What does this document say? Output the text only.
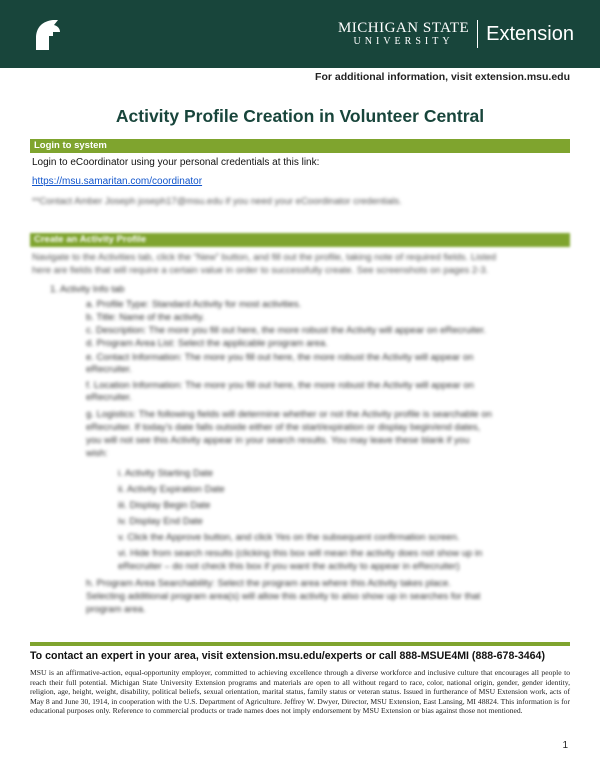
MICHIGAN STATE
UNIVERSITY	Extension
For additional information, visit extension.msu.edu
Activity Profile Creation in Volunteer Central
Login to system
Login to eCoordinator using your personal credentials at this link:
https://msu.samaritan.com/coordinator
**Contact Amber Joseph joseph17@msu.edu if you need your eCoordinator credentials.
Create an Activity Profile
Navigate to the Activities tab, click the “New” button, and fill out the profile, taking note of required fields. Listed
here are fields that will require a certain value in order to successfully create. See screenshots on pages 2-3.
1. Activity Info tab
a. Profile Type: Standard Activity for most activities.
b. Title: Name of the activity.
c. Description: The more you fill out here, the more robust the Activity will appear on eRecruiter.
d. Program Area List: Select the applicable program area.
e. Contact Information: The more you fill out here, the more robust the Activity will appear on
eRecruiter.
f. Location Information: The more you fill out here, the more robust the Activity will appear on
eRecruiter.
g. Logistics: The following fields will determine whether or not the Activity profile is searchable on
eRecruiter. If today’s date falls outside either of the start/expiration or display begin/end dates,
you will not see this Activity appear in your search results. You may leave these blank if you
wish:
i. Activity Starting Date
ii. Activity Expiration Date
iii. Display Begin Date
iv. Display End Date
v. Click the Approve button, and click Yes on the subsequent confirmation screen.
vi. Hide from search results (clicking this box will mean the activity does not show up in
eRecruiter – do not check this box if you want the activity to appear in eRecruiter)
h. Program Area Searchability: Select the program area where this Activity takes place.
Selecting additional program area(s) will allow this activity to also show up in searches for that
program area.
To contact an expert in your area, visit extension.msu.edu/experts or call 888-MSUE4MI (888-678-3464)
MSU is an affirmative-action, equal-opportunity employer, committed to achieving excellence through a diverse workforce and inclusive culture that encourages all people to reach their full potential. Michigan State University Extension programs and materials are open to all without regard to race, color, national origin, gender, gender identity, religion, age, height, weight, disability, political beliefs, sexual orientation, marital status, family status or veteran status. Issued in furtherance of MSU Extension work, acts of May 8 and June 30, 1914, in cooperation with the U.S. Department of Agriculture. Jeffrey W. Dwyer, Director, MSU Extension, East Lansing, MI 48824. This information is for educational purposes only. Reference to commercial products or trade names does not imply endorsement by MSU Extension or bias against those not mentioned.
1
